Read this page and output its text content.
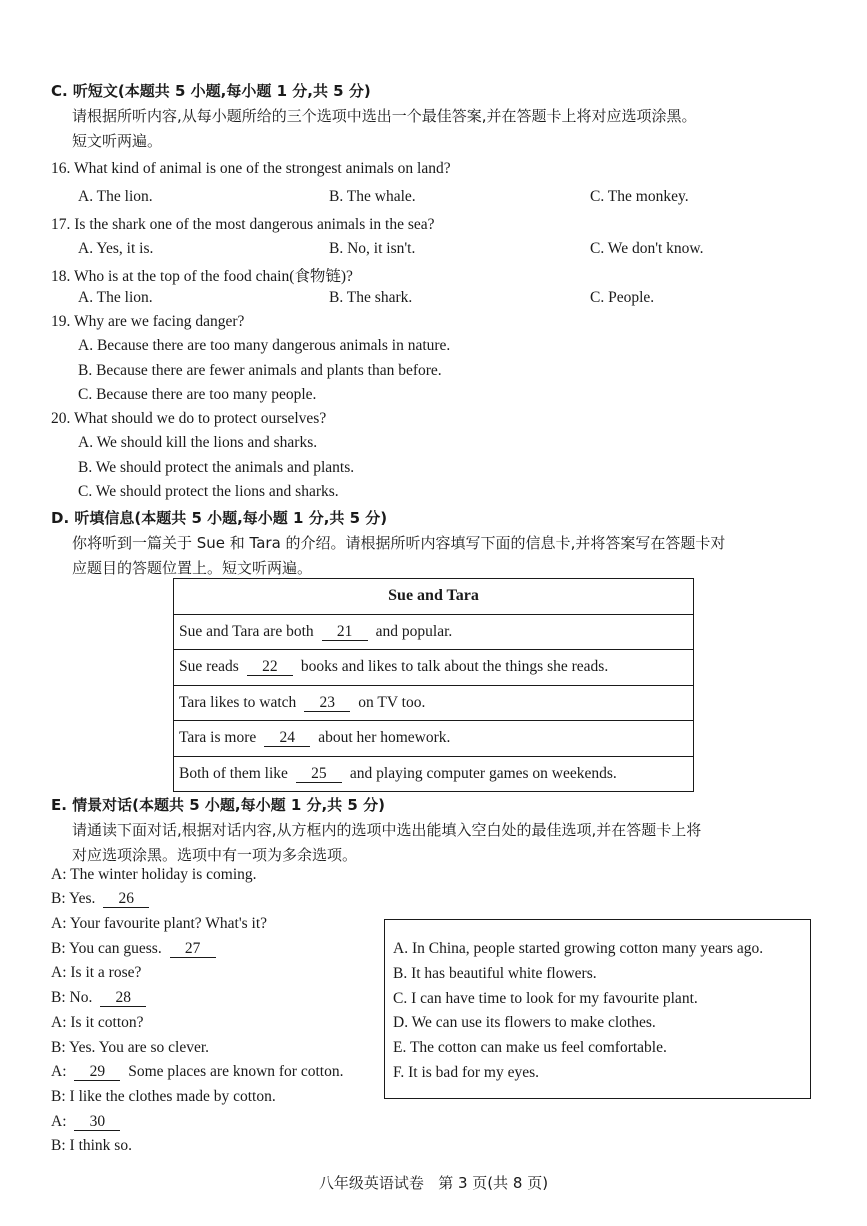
C. 听短文(本题共 5 小题,每小题 1 分,共 5 分)
请根据所听内容,从每小题所给的三个选项中选出一个最佳答案,并在答题卡上将对应选项涂黑。
短文听两遍。
16. What kind of animal is one of the strongest animals on land?
A. The lion.	B. The whale.	C. The monkey.
17. Is the shark one of the most dangerous animals in the sea?
A. Yes, it is.	B. No, it isn't.	C. We don't know.
18. Who is at the top of the food chain(食物链)?
A. The lion.	B. The shark.	C. People.
19. Why are we facing danger?
A. Because there are too many dangerous animals in nature.
B. Because there are fewer animals and plants than before.
C. Because there are too many people.
20. What should we do to protect ourselves?
A. We should kill the lions and sharks.
B. We should protect the animals and plants.
C. We should protect the lions and sharks.
D. 听填信息(本题共 5 小题,每小题 1 分,共 5 分)
你将听到一篇关于 Sue 和 Tara 的介绍。请根据所听内容填写下面的信息卡,并将答案写在答题卡对
应题目的答题位置上。短文听两遍。
Sue and Tara
Sue and Tara are both	21	and popular.
Sue reads	22	books and likes to talk about the things she reads.
Tara likes to watch	23	on TV too.
Tara is more	24	about her homework.
Both of them like	25	and playing computer games on weekends.
E. 情景对话(本题共 5 小题,每小题 1 分,共 5 分)
请通读下面对话,根据对话内容,从方框内的选项中选出能填入空白处的最佳选项,并在答题卡上将
对应选项涂黑。选项中有一项为多余选项。
A: The winter holiday is coming.
B: Yes. 26
A: Your favourite plant? What's it?
B: You can guess. 27
A: Is it a rose?
B: No. 28
A: Is it cotton?
B: Yes. You are so clever.
A: 29 Some places are known for cotton.
B: I like the clothes made by cotton.
A: 30
B: I think so.
A. In China, people started growing cotton many years ago.
B. It has beautiful white flowers.
C. I can have time to look for my favourite plant.
D. We can use its flowers to make clothes.
E. The cotton can make us feel comfortable.
F. It is bad for my eyes.
八年级英语试卷   第 3 页(共 8 页)
